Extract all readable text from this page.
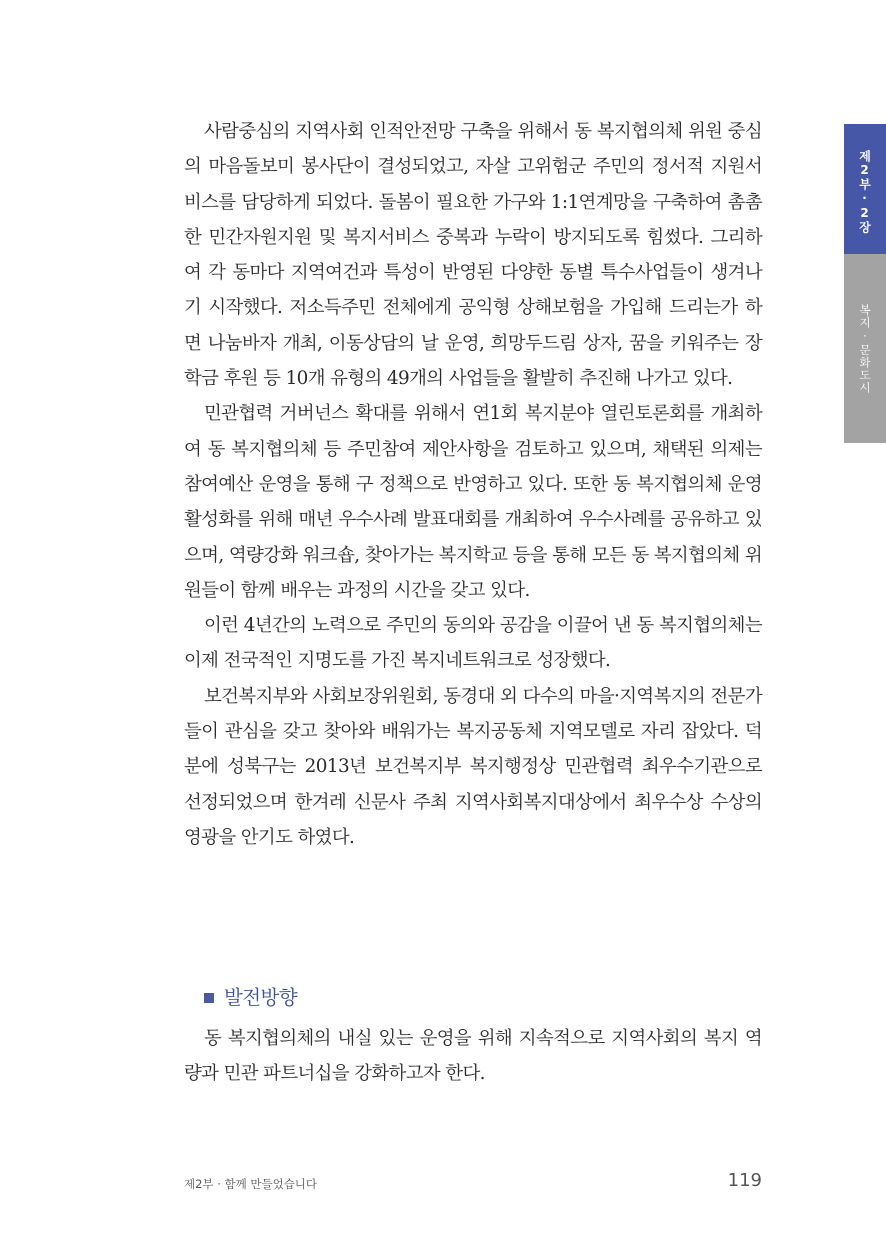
사람중심의 지역사회 인적안전망 구축을 위해서 동 복지협의체 위원 중심의 마음돌보미 봉사단이 결성되었고, 자살 고위험군 주민의 정서적 지원서비스를 담당하게 되었다. 돌봄이 필요한 가구와 1:1연계망을 구축하여 촘촘한 민간자원지원 및 복지서비스 중복과 누락이 방지되도록 힘썼다. 그리하여 각 동마다 지역여건과 특성이 반영된 다양한 동별 특수사업들이 생겨나기 시작했다. 저소득주민 전체에게 공익형 상해보험을 가입해 드리는가 하면 나눔바자 개최, 이동상담의 날 운영, 희망두드림 상자, 꿈을 키워주는 장학금 후원 등 10개 유형의 49개의 사업들을 활발히 추진해 나가고 있다.

민관협력 거버넌스 확대를 위해서 연1회 복지분야 열린토론회를 개최하여 동 복지협의체 등 주민참여 제안사항을 검토하고 있으며, 채택된 의제는 참여예산 운영을 통해 구 정책으로 반영하고 있다. 또한 동 복지협의체 운영 활성화를 위해 매년 우수사례 발표대회를 개최하여 우수사례를 공유하고 있으며, 역량강화 워크숍, 찾아가는 복지학교 등을 통해 모든 동 복지협의체 위원들이 함께 배우는 과정의 시간을 갖고 있다.

이런 4년간의 노력으로 주민의 동의와 공감을 이끌어 낸 동 복지협의체는 이제 전국적인 지명도를 가진 복지네트워크로 성장했다.

보건복지부와 사회보장위원회, 동경대 외 다수의 마을·지역복지의 전문가들이 관심을 갖고 찾아와 배워가는 복지공동체 지역모델로 자리 잡았다. 덕분에 성북구는 2013년 보건복지부 복지행정상 민관협력 최우수기관으로 선정되었으며 한겨레 신문사 주최 지역사회복지대상에서 최우수상 수상의 영광을 안기도 하였다.

발전방향

동 복지협의체의 내실 있는 운영을 위해 지속적으로 지역사회의 복지 역량과 민관 파트너십을 강화하고자 한다.

제2부·2장
복지·문화도시
제2부 · 함께 만들었습니다	119
